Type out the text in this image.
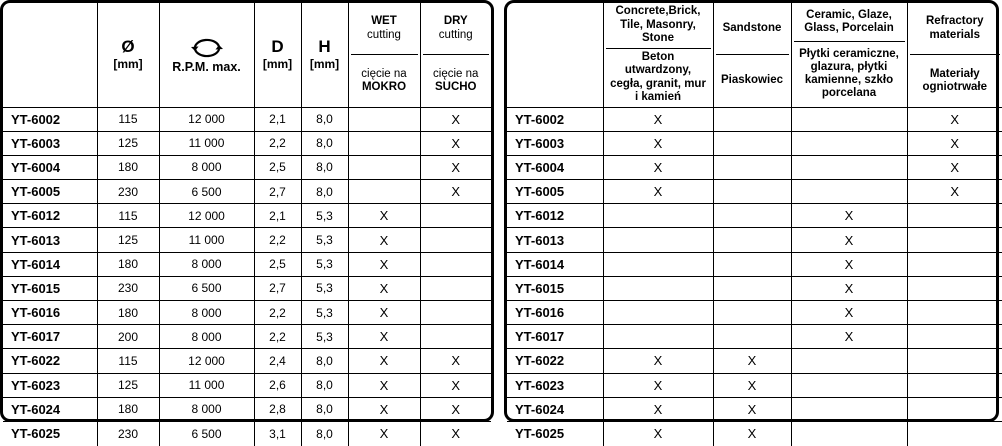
Ø
[mm]	R.P.M. max.

D
[mm]

H
[mm]

WET
cutting
cięcie na
MOKRO

DRY
cutting
cięcie na
SUCHO

YT-6002	115	12 000	2,1	8,0		X
YT-6003	125	11 000	2,2	8,0		X
YT-6004	180	8 000	2,5	8,0		X
YT-6005	230	6 500	2,7	8,0		X
YT-6012	115	12 000	2,1	5,3	X	
YT-6013	125	11 000	2,2	5,3	X	
YT-6014	180	8 000	2,5	5,3	X	
YT-6015	230	6 500	2,7	5,3	X	
YT-6016	180	8 000	2,2	5,3	X	
YT-6017	200	8 000	2,2	5,3	X	
YT-6022	115	12 000	2,4	8,0	X	X
YT-6023	125	11 000	2,6	8,0	X	X
YT-6024	180	8 000	2,8	8,0	X	X
YT-6025	230	6 500	3,1	8,0	X	X

Concrete,Brick, Tile, Masonry, Stone
Beton utwardzony, cegła, granit, mur i kamień

Sandstone
Piaskowiec

Ceramic, Glaze, Glass, Porcelain
Płytki ceramiczne, glazura, płytki kamienne, szkło porcelana

Refractory materials
Materiały ogniotrwałe

YT-6002	X			X
YT-6003	X			X
YT-6004	X			X
YT-6005	X			X
YT-6012			X	
YT-6013			X	
YT-6014			X	
YT-6015			X	
YT-6016			X	
YT-6017			X	
YT-6022	X	X		
YT-6023	X	X		
YT-6024	X	X		
YT-6025	X	X		
